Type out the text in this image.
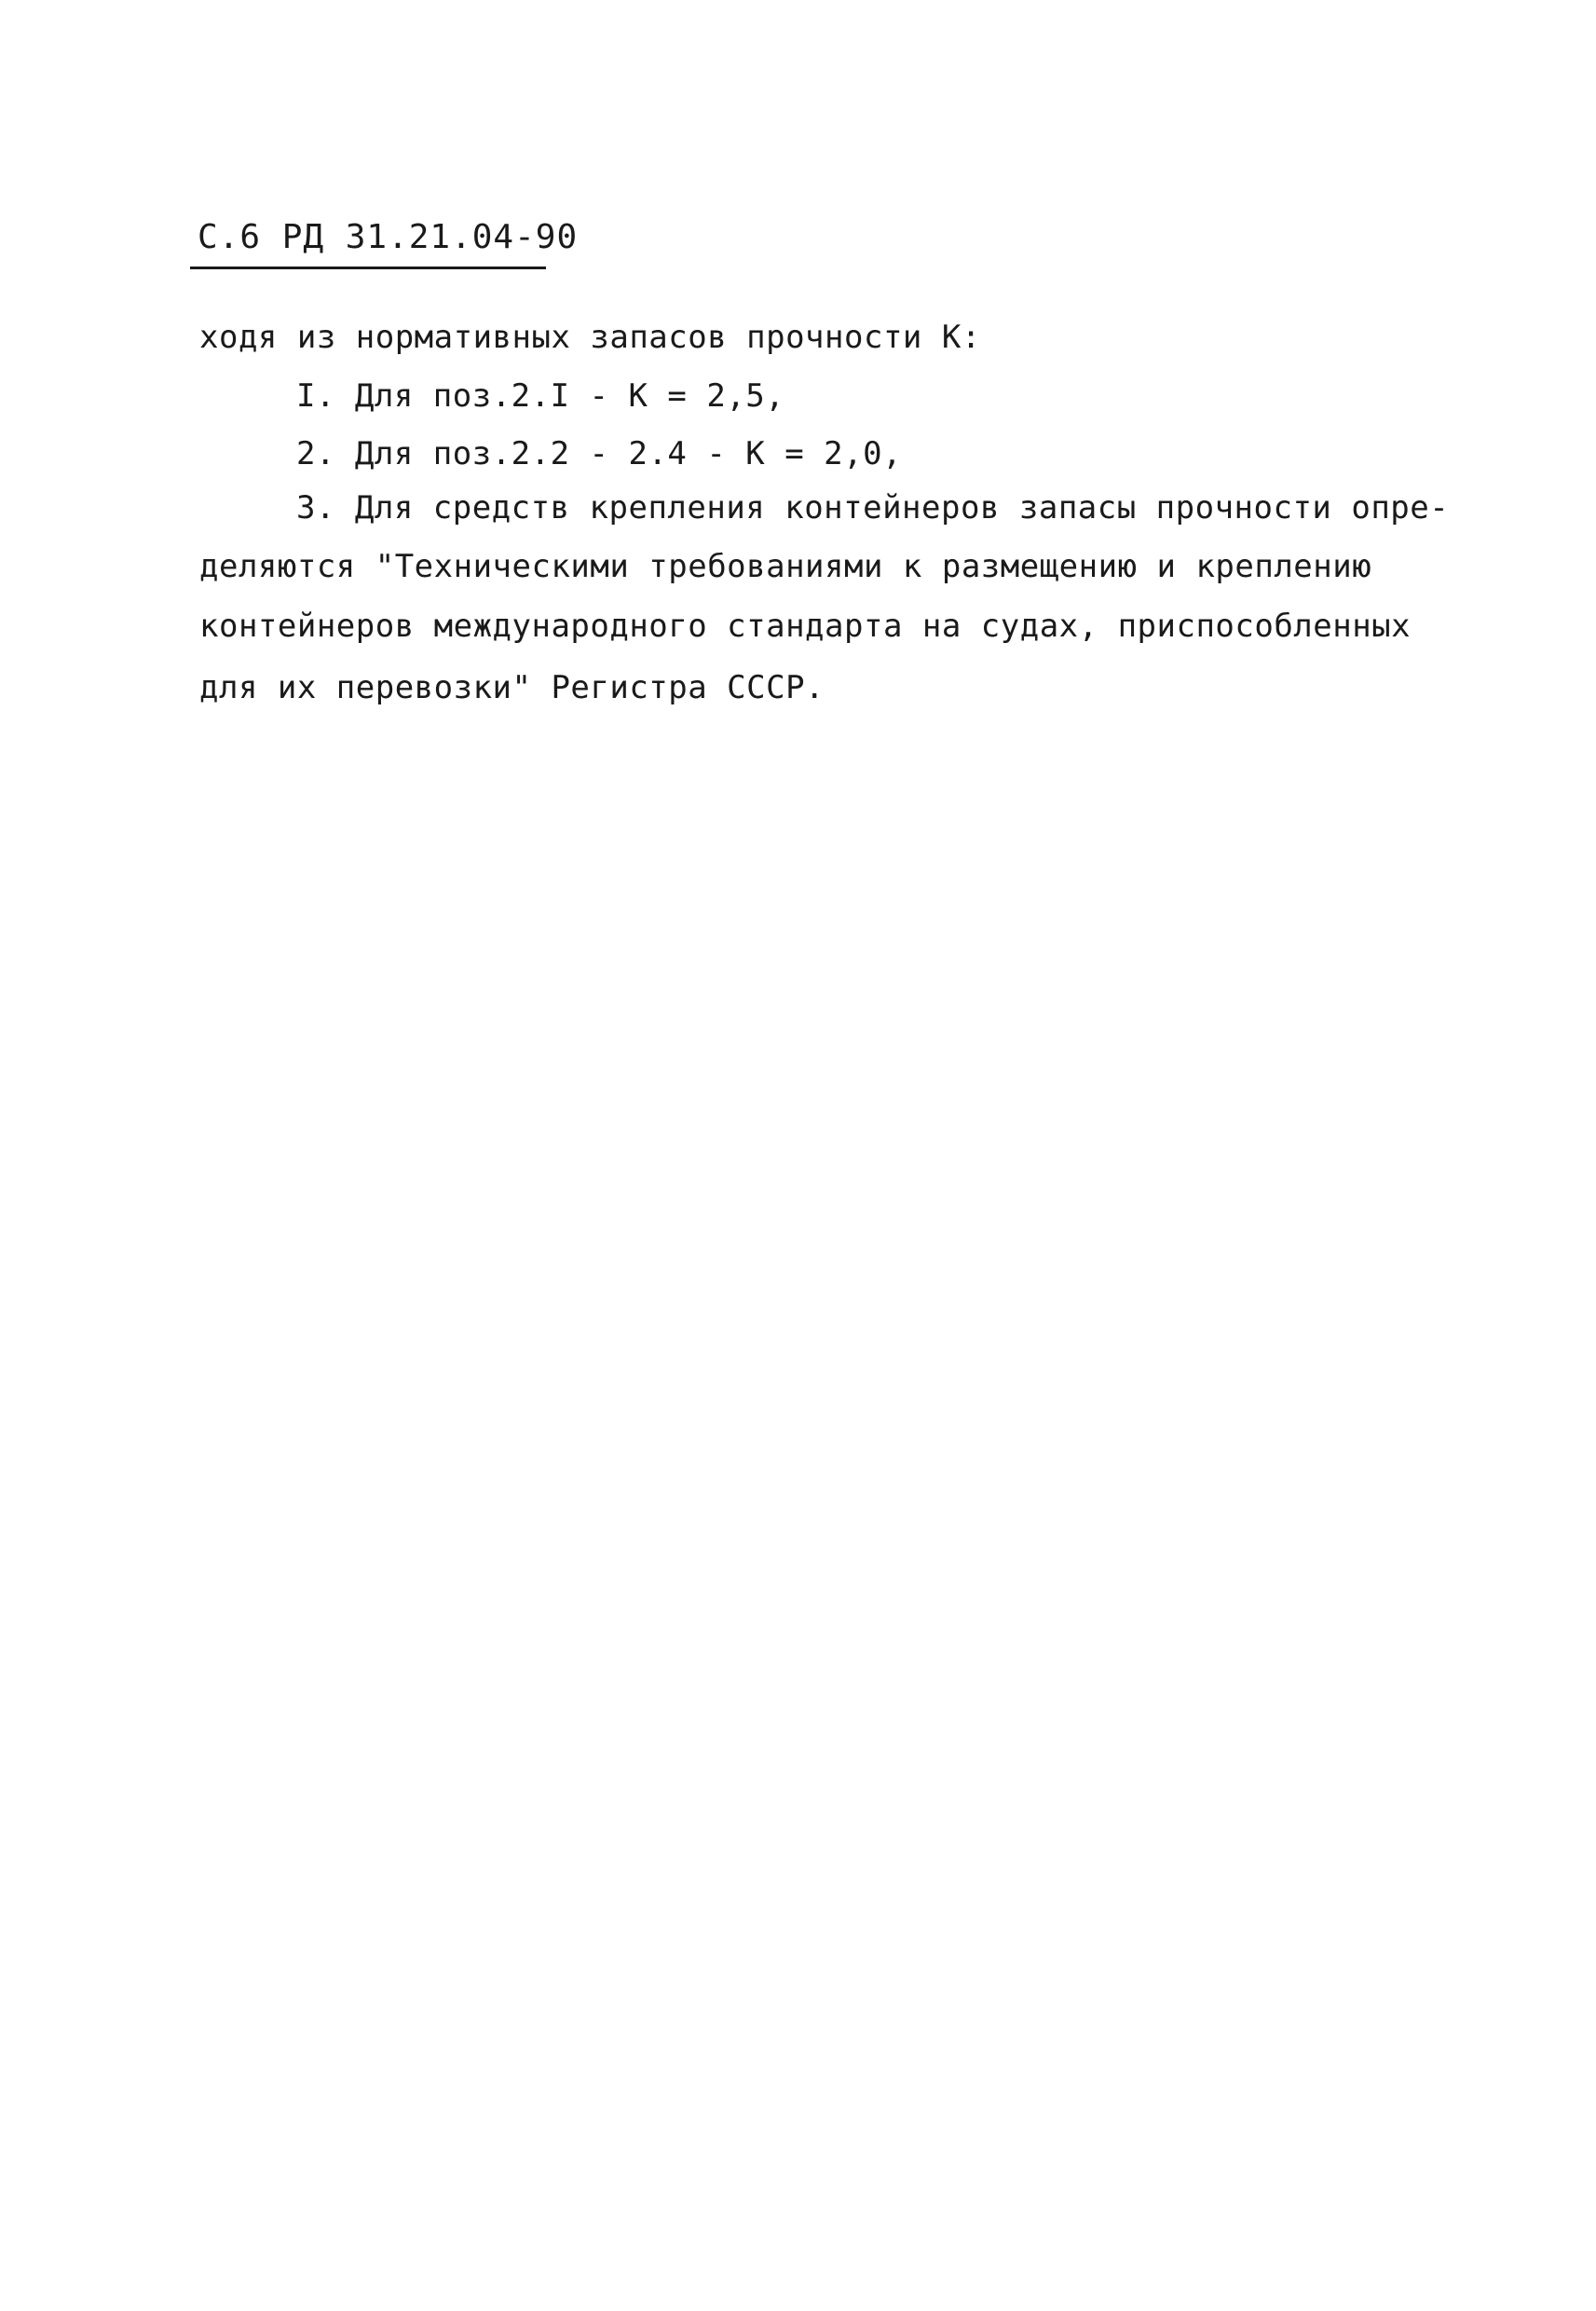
С.6 РД 31.21.04-90
ходя из нормативных запасов прочности К:
I. Для поз.2.I - К = 2,5,
2. Для поз.2.2 - 2.4 - К = 2,0,
3. Для средств крепления контейнеров запасы прочности опре-
деляются "Техническими требованиями к размещению и креплению
контейнеров международного стандарта на судах, приспособленных
для их перевозки" Регистра СССР.
